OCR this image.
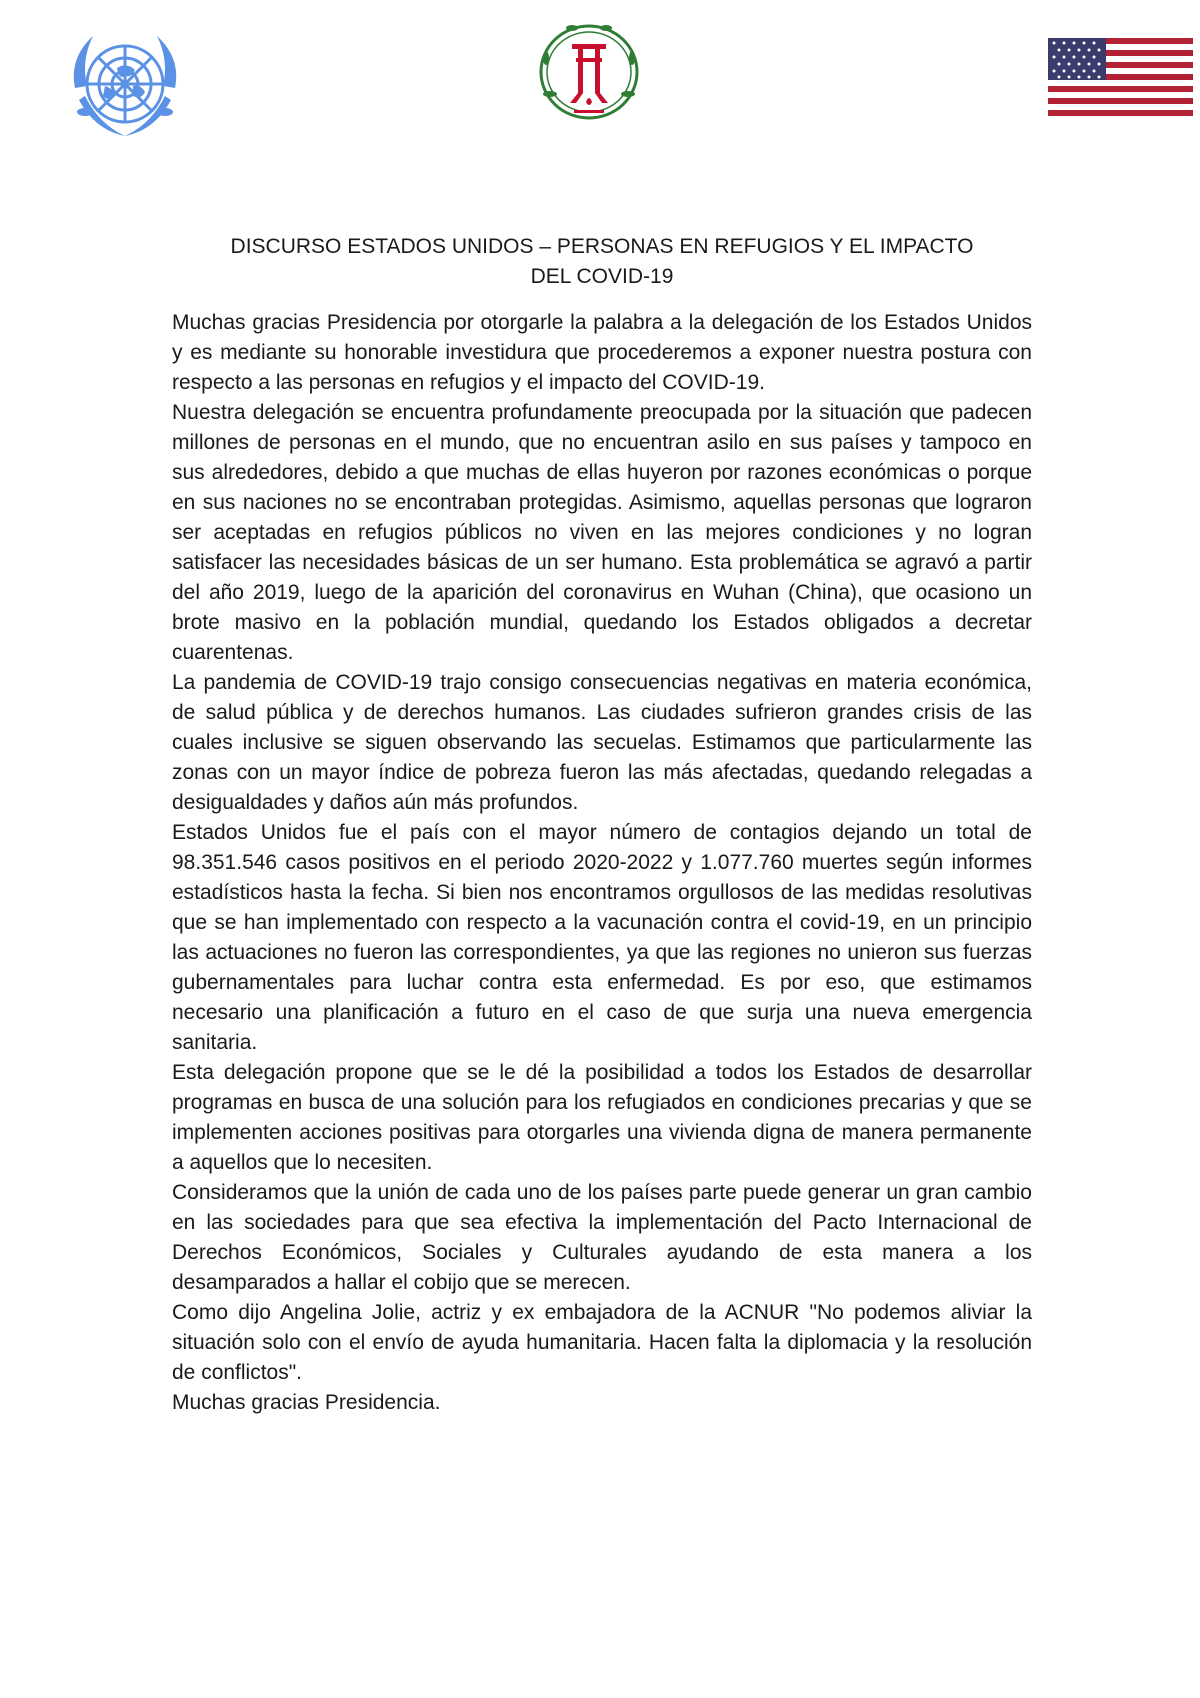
DISCURSO ESTADOS UNIDOS – PERSONAS EN REFUGIOS Y EL IMPACTO
DEL COVID-19

Muchas gracias Presidencia por otorgarle la palabra a la delegación de los Estados Unidos y es mediante su honorable investidura que procederemos a exponer nuestra postura con respecto a las personas en refugios y el impacto del COVID-19.

Nuestra delegación se encuentra profundamente preocupada por la situación que padecen millones de personas en el mundo, que no encuentran asilo en sus países y tampoco en sus alrededores, debido a que muchas de ellas huyeron por razones económicas o porque en sus naciones no se encontraban protegidas. Asimismo, aquellas personas que lograron ser aceptadas en refugios públicos no viven en las mejores condiciones y no logran satisfacer las necesidades básicas de un ser humano. Esta problemática se agravó a partir del año 2019, luego de la aparición del coronavirus en Wuhan (China), que ocasiono un brote masivo en la población mundial, quedando los Estados obligados a decretar cuarentenas.

La pandemia de COVID-19 trajo consigo consecuencias negativas en materia económica, de salud pública y de derechos humanos. Las ciudades sufrieron grandes crisis de las cuales inclusive se siguen observando las secuelas. Estimamos que particularmente las zonas con un mayor índice de pobreza fueron las más afectadas, quedando relegadas a desigualdades y daños aún más profundos.

Estados Unidos fue el país con el mayor número de contagios dejando un total de 98.351.546 casos positivos en el periodo 2020-2022 y 1.077.760 muertes según informes estadísticos hasta la fecha. Si bien nos encontramos orgullosos de las medidas resolutivas que se han implementado con respecto a la vacunación contra el covid-19, en un principio las actuaciones no fueron las correspondientes, ya que las regiones no unieron sus fuerzas gubernamentales para luchar contra esta enfermedad. Es por eso, que estimamos necesario una planificación a futuro en el caso de que surja una nueva emergencia sanitaria.

Esta delegación propone que se le dé la posibilidad a todos los Estados de desarrollar programas en busca de una solución para los refugiados en condiciones precarias y que se implementen acciones positivas para otorgarles una vivienda digna de manera permanente a aquellos que lo necesiten.

Consideramos que la unión de cada uno de los países parte puede generar un gran cambio en las sociedades para que sea efectiva la implementación del Pacto Internacional de Derechos Económicos, Sociales y Culturales ayudando de esta manera a los desamparados a hallar el cobijo que se merecen.

Como dijo Angelina Jolie, actriz y ex embajadora de la ACNUR "No podemos aliviar la situación solo con el envío de ayuda humanitaria. Hacen falta la diplomacia y la resolución de conflictos".

Muchas gracias Presidencia.
